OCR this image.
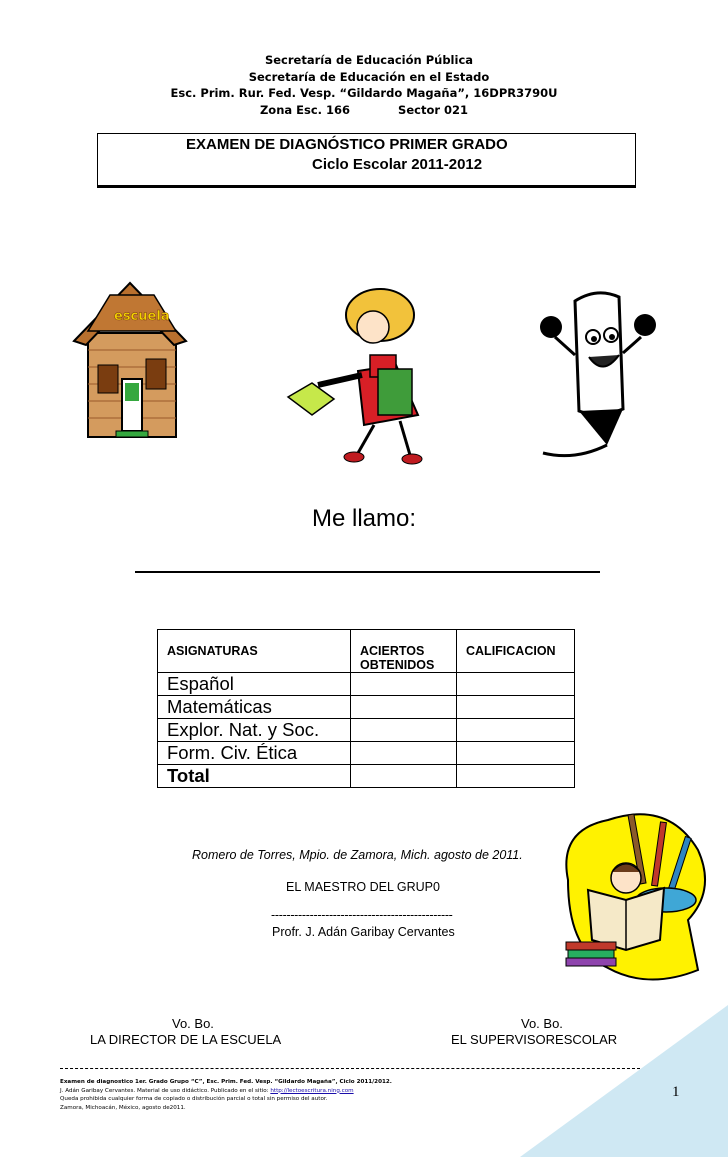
Secretaría de Educación Pública
Secretaría de Educación en el Estado
Esc. Prim. Rur. Fed. Vesp. “Gildardo Magaña”, 16DPR3790U
Zona Esc. 166	Sector 021
EXAMEN DE DIAGNÓSTICO PRIMER GRADO
Ciclo Escolar 2011-2012
escuela
Me llamo:
ASIGNATURAS	ACIERTOS OBTENIDOS	CALIFICACION
Español		
Matemáticas		
Explor. Nat. y Soc.		
Form. Civ. Ética		
Total		
Romero de Torres, Mpio. de Zamora, Mich. agosto de 2011.
EL MAESTRO DEL GRUP0
-----------------------------------------------
Profr. J. Adán Garibay Cervantes
Vo. Bo.
LA DIRECTOR DE LA ESCUELA
Vo. Bo.
EL SUPERVISORESCOLAR
Examen de diagnostico 1er. Grado Grupo “C”, Esc. Prim. Fed. Vesp. “Gildardo Magaña”, Ciclo 2011/2012.
J. Adán Garibay Cervantes. Material de uso didáctico. Publicado en el sitio: http://lectoescritura.ning.com
Queda prohibida cualquier forma de copiado o distribución parcial o total sin permiso del autor.
Zamora, Michoacán, México, agosto de2011.
1
